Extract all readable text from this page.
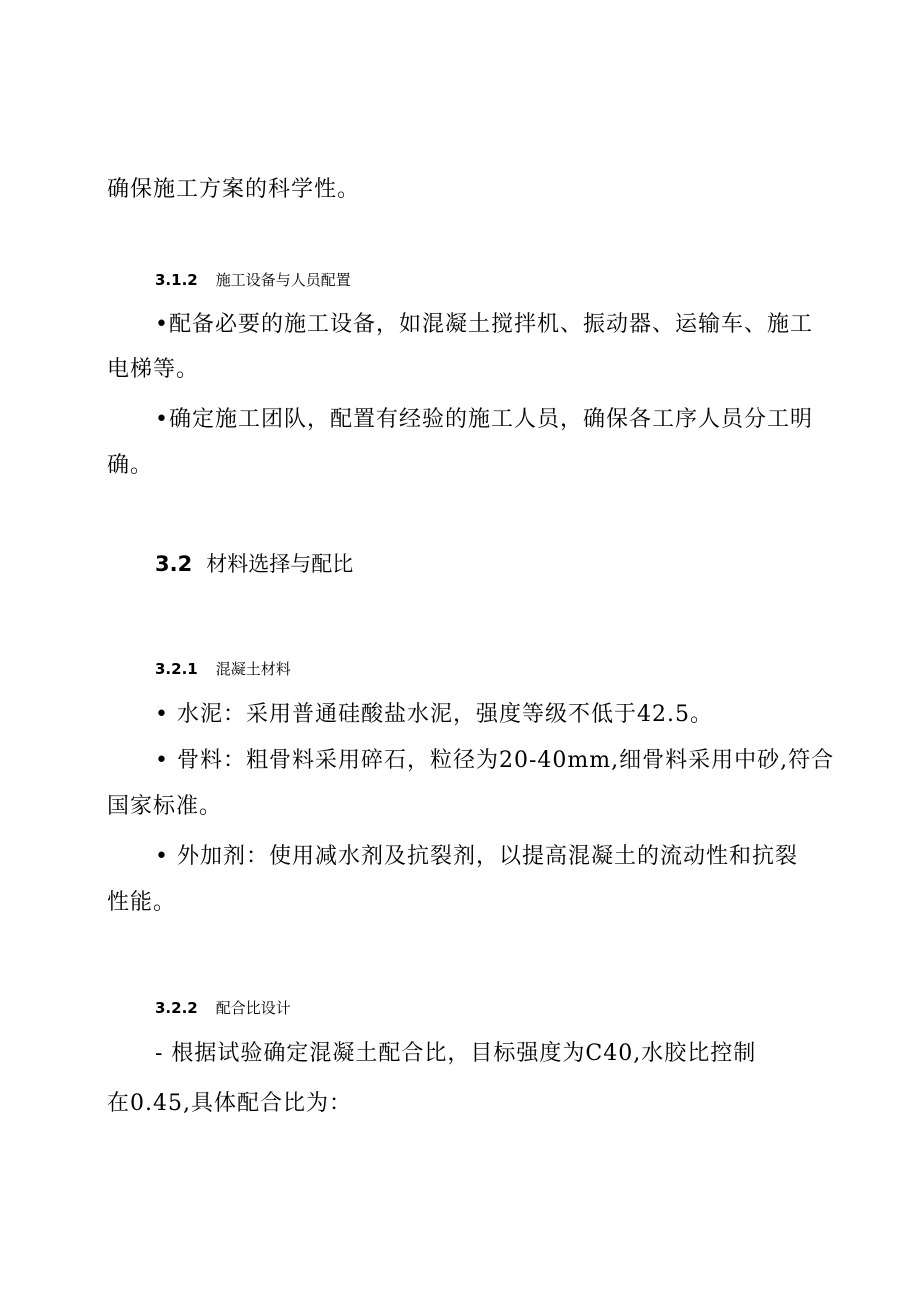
确保施工方案的科学性。
3.1.2 施工设备与人员配置
•配备必要的施工设备，如混凝土搅拌机、振动器、运输车、施工
电梯等。
•确定施工团队，配置有经验的施工人员，确保各工序人员分工明
确。
3.2 材料选择与配比
3.2.1 混凝土材料
• 水泥：采用普通硅酸盐水泥，强度等级不低于42.5。
• 骨料：粗骨料采用碎石，粒径为20-40mm,细骨料采用中砂,符合
国家标准。
• 外加剂：使用减水剂及抗裂剂，以提高混凝土的流动性和抗裂
性能。
3.2.2 配合比设计
- 根据试验确定混凝土配合比，目标强度为C40,水胶比控制
在0.45,具体配合比为：
